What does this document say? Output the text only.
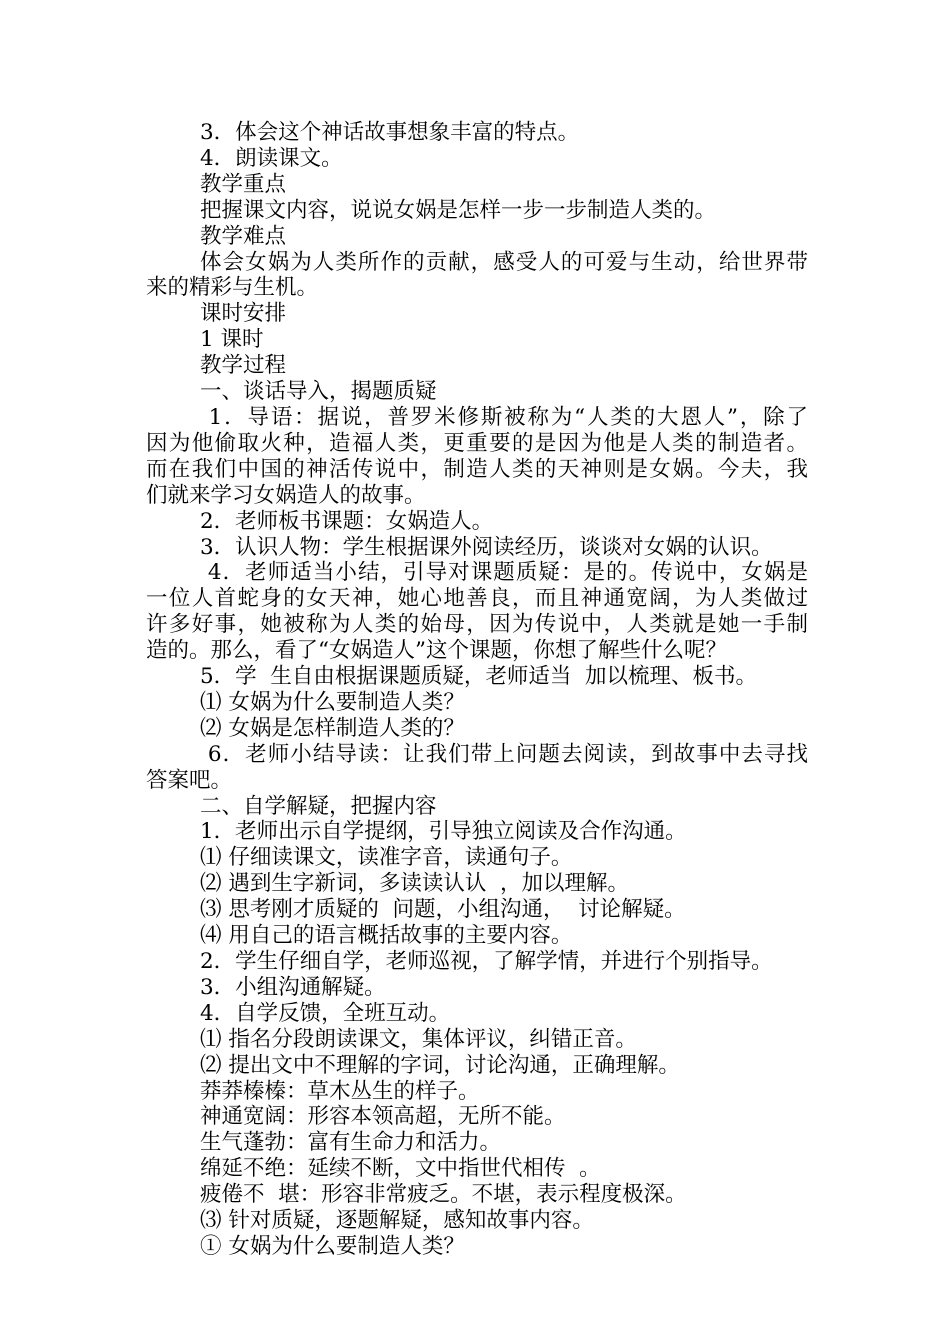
3．体会这个神话故事想象丰富的特点。

4．朗读课文。

教学重点

把握课文内容，说说女娲是怎样一步一步制造人类的。

教学难点

体会女娲为人类所作的贡献，感受人的可爱与生动，给世界带

来的精彩与生机。

课时安排

1 课时

教学过程

一、谈话导入，揭题质疑

1．导语：据说，普罗米修斯被称为“人类的大恩人”，除了

因为他偷取火种，造福人类，更重要的是因为他是人类的制造者。

而在我们中国的神活传说中，制造人类的天神则是女娲。今夫，我

们就来学习女娲造人的故事。

2．老师板书课题：女娲造人。

3．认识人物：学生根据课外阅读经历，谈谈对女娲的认识。

4．老师适当小结，引导对课题质疑：是的。传说中，女娲是

一位人首蛇身的女天神，她心地善良，而且神通宽阔，为人类做过

许多好事，她被称为人类的始母，因为传说中，人类就是她一手制

造的。那么，看了“女娲造人”这个课题，你想了解些什么呢？

5．学  生自由根据课题质疑，老师适当  加以梳理、板书。

⑴ 女娲为什么要制造人类？

⑵ 女娲是怎样制造人类的？

6．老师小结导读：让我们带上问题去阅读，到故事中去寻找

答案吧。

二、自学解疑，把握内容

1．老师出示自学提纲，引导独立阅读及合作沟通。

⑴ 仔细读课文，读准字音，读通句子。

⑵ 遇到生字新词，多读读认认  ，加以理解。

⑶ 思考刚才质疑的  问题，小组沟通，  讨论解疑。

⑷ 用自己的语言概括故事的主要内容。

2．学生仔细自学，老师巡视，了解学情，并进行个别指导。

3．小组沟通解疑。

4．自学反馈，全班互动。

⑴ 指名分段朗读课文，集体评议，纠错正音。

⑵ 提出文中不理解的字词，讨论沟通，正确理解。

莽莽榛榛：草木丛生的样子。

神通宽阔：形容本领高超，无所不能。

生气蓬勃：富有生命力和活力。

绵延不绝：延续不断，文中指世代相传  。

疲倦不  堪：形容非常疲乏。不堪，表示程度极深。

⑶ 针对质疑，逐题解疑，感知故事内容。

① 女娲为什么要制造人类？
